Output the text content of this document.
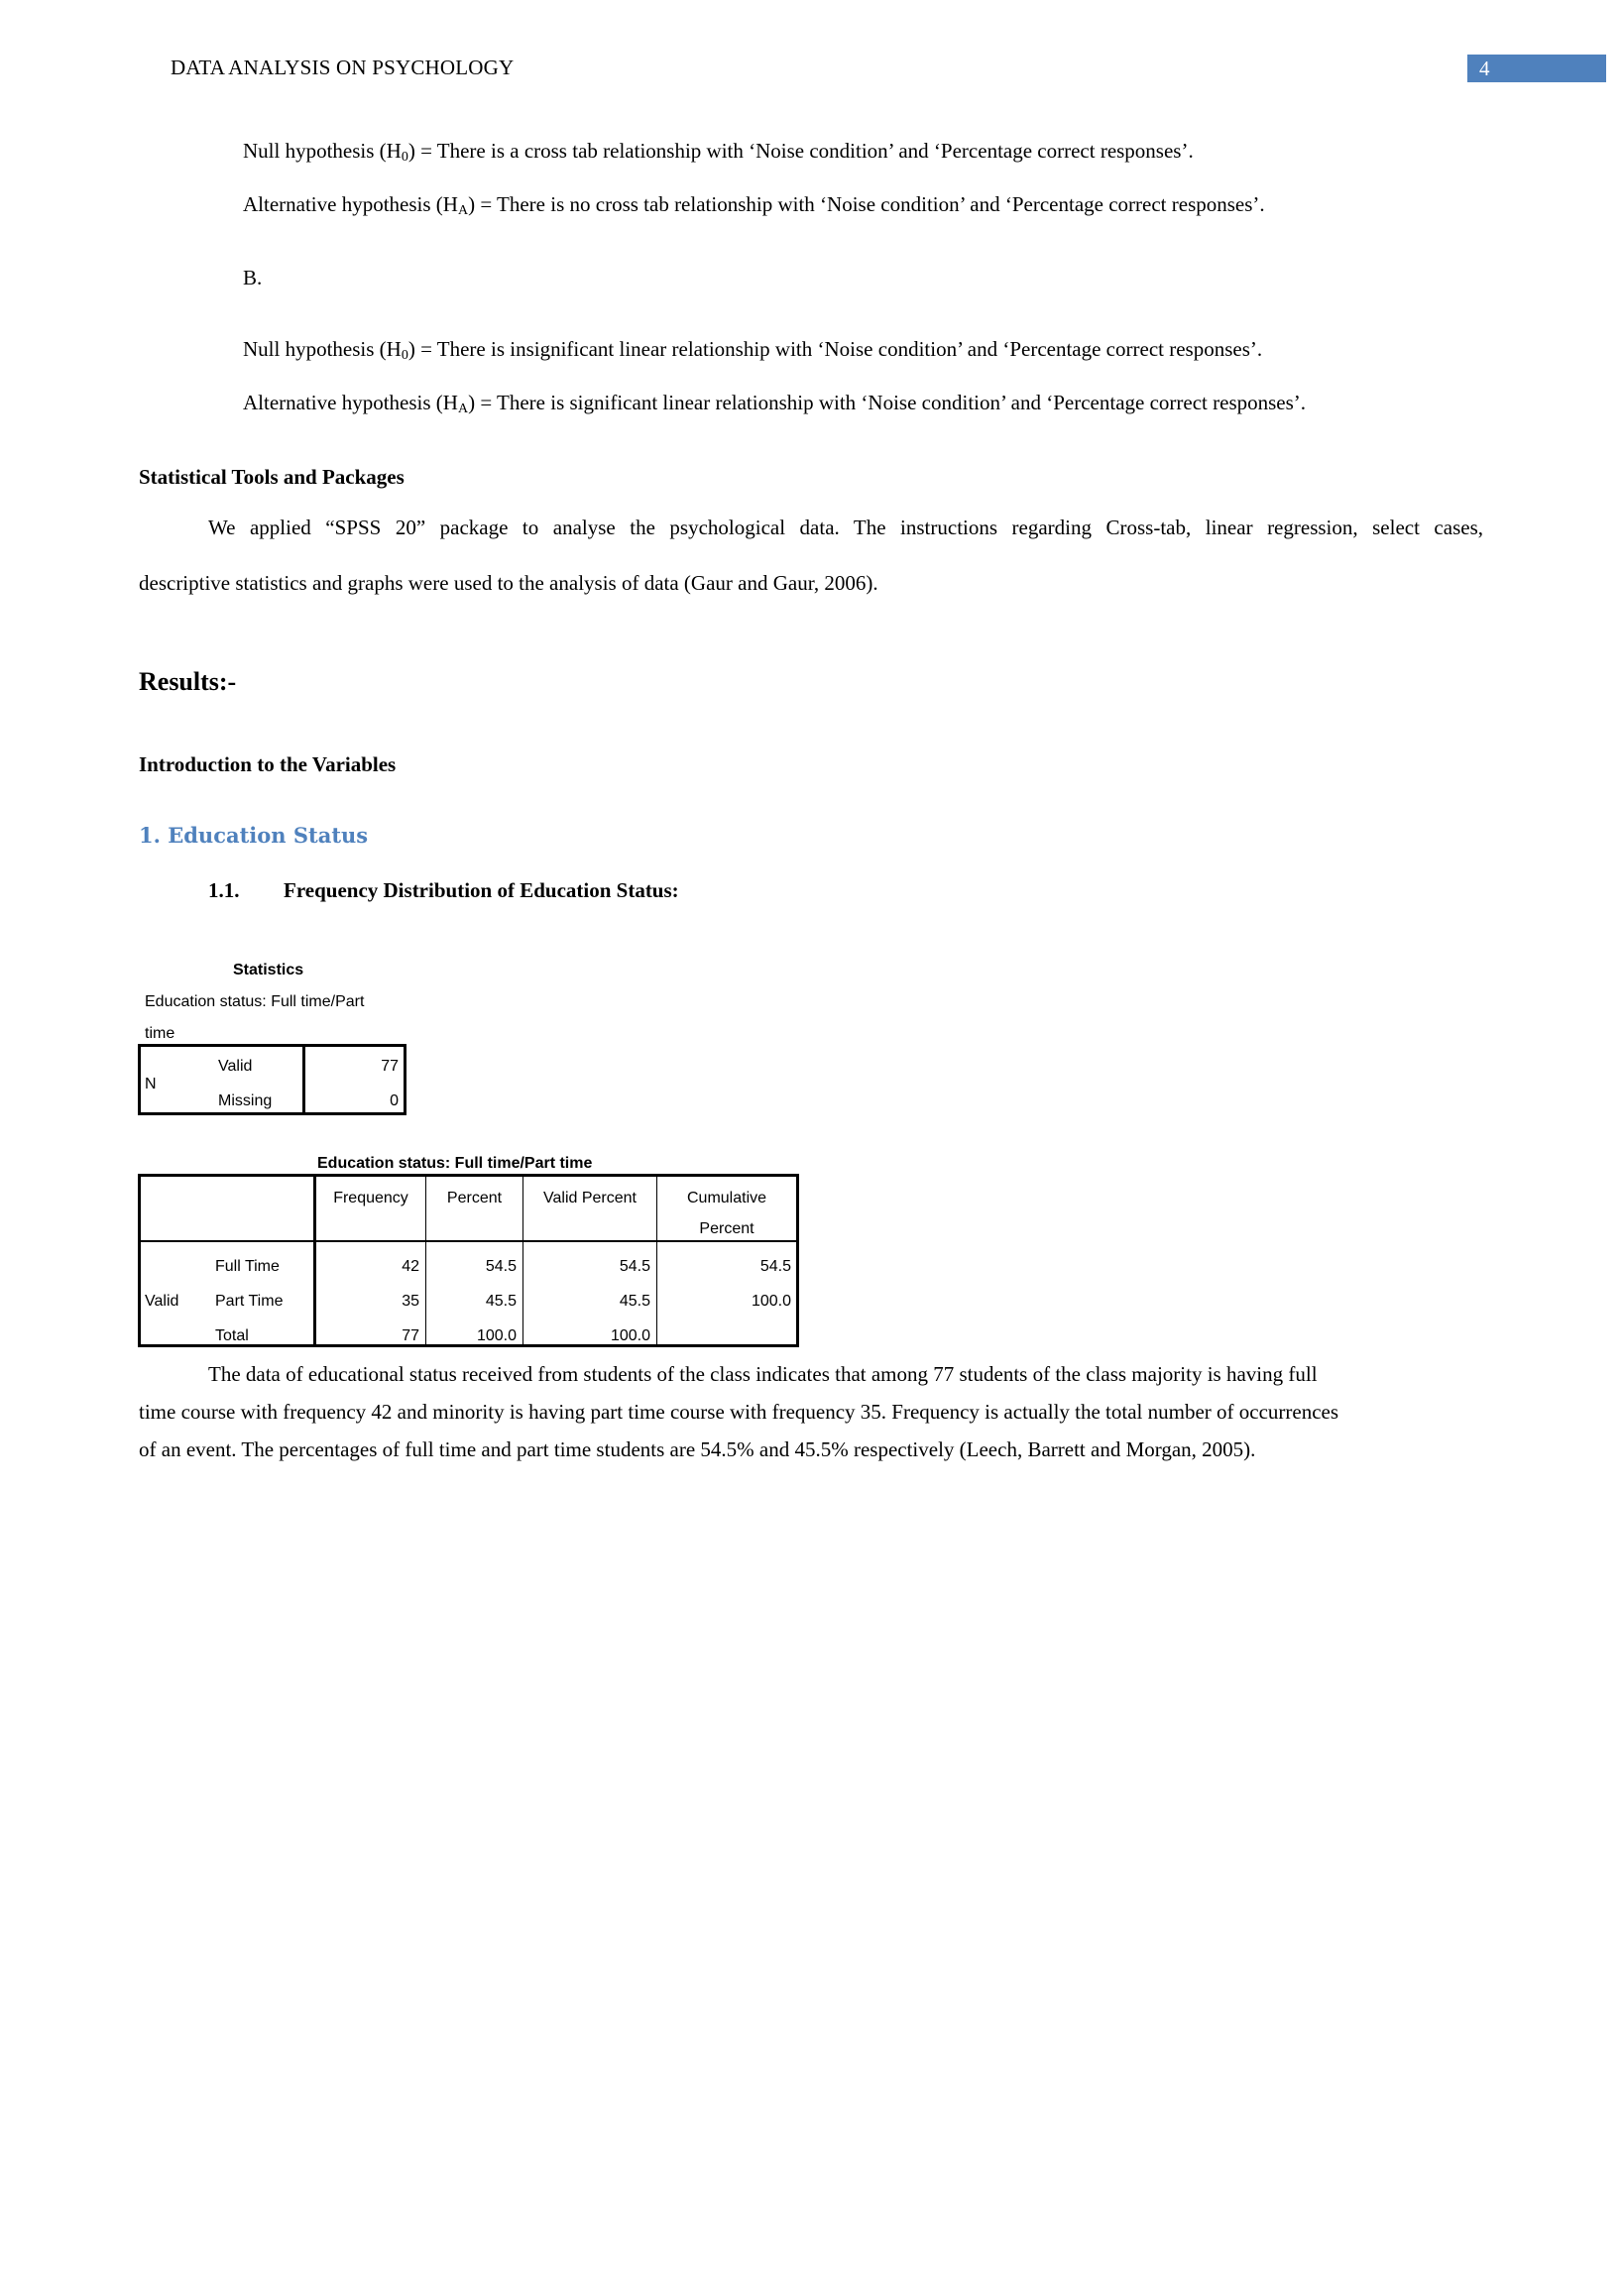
DATA ANALYSIS ON PSYCHOLOGY	4
Null hypothesis $(H_0)$ = There is a cross tab relationship with ‘Noise condition’ and ‘Percentage correct responses’.
Alternative hypothesis $(H_A)$ = There is no cross tab relationship with ‘Noise condition’ and ‘Percentage correct responses’.
B.
Null hypothesis $(H_0)$ = There is insignificant linear relationship with ‘Noise condition’ and ‘Percentage correct responses’.
Alternative hypothesis $(H_A)$ = There is significant linear relationship with ‘Noise condition’ and ‘Percentage correct responses’.
Statistical Tools and Packages
We applied “SPSS 20” package to analyse the psychological data. The instructions regarding Cross-tab, linear regression, select cases,
descriptive statistics and graphs were used to the analysis of data (Gaur and Gaur, 2006).
Results:-
Introduction to the Variables
1. Education Status
1.1. Frequency Distribution of Education Status:
Statistics
Education status: Full time/Part
time
N
Valid	77
Missing	0
Education status: Full time/Part time
Frequency	Percent	Valid Percent	Cumulative
Percent
Valid
Full Time	42	54.5	54.5	54.5
Part Time	35	45.5	45.5	100.0
Total	77	100.0	100.0
The data of educational status received from students of the class indicates that among 77 students of the class majority is having full
time course with frequency 42 and minority is having part time course with frequency 35. Frequency is actually the total number of occurrences
of an event. The percentages of full time and part time students are 54.5% and 45.5% respectively (Leech, Barrett and Morgan, 2005).
